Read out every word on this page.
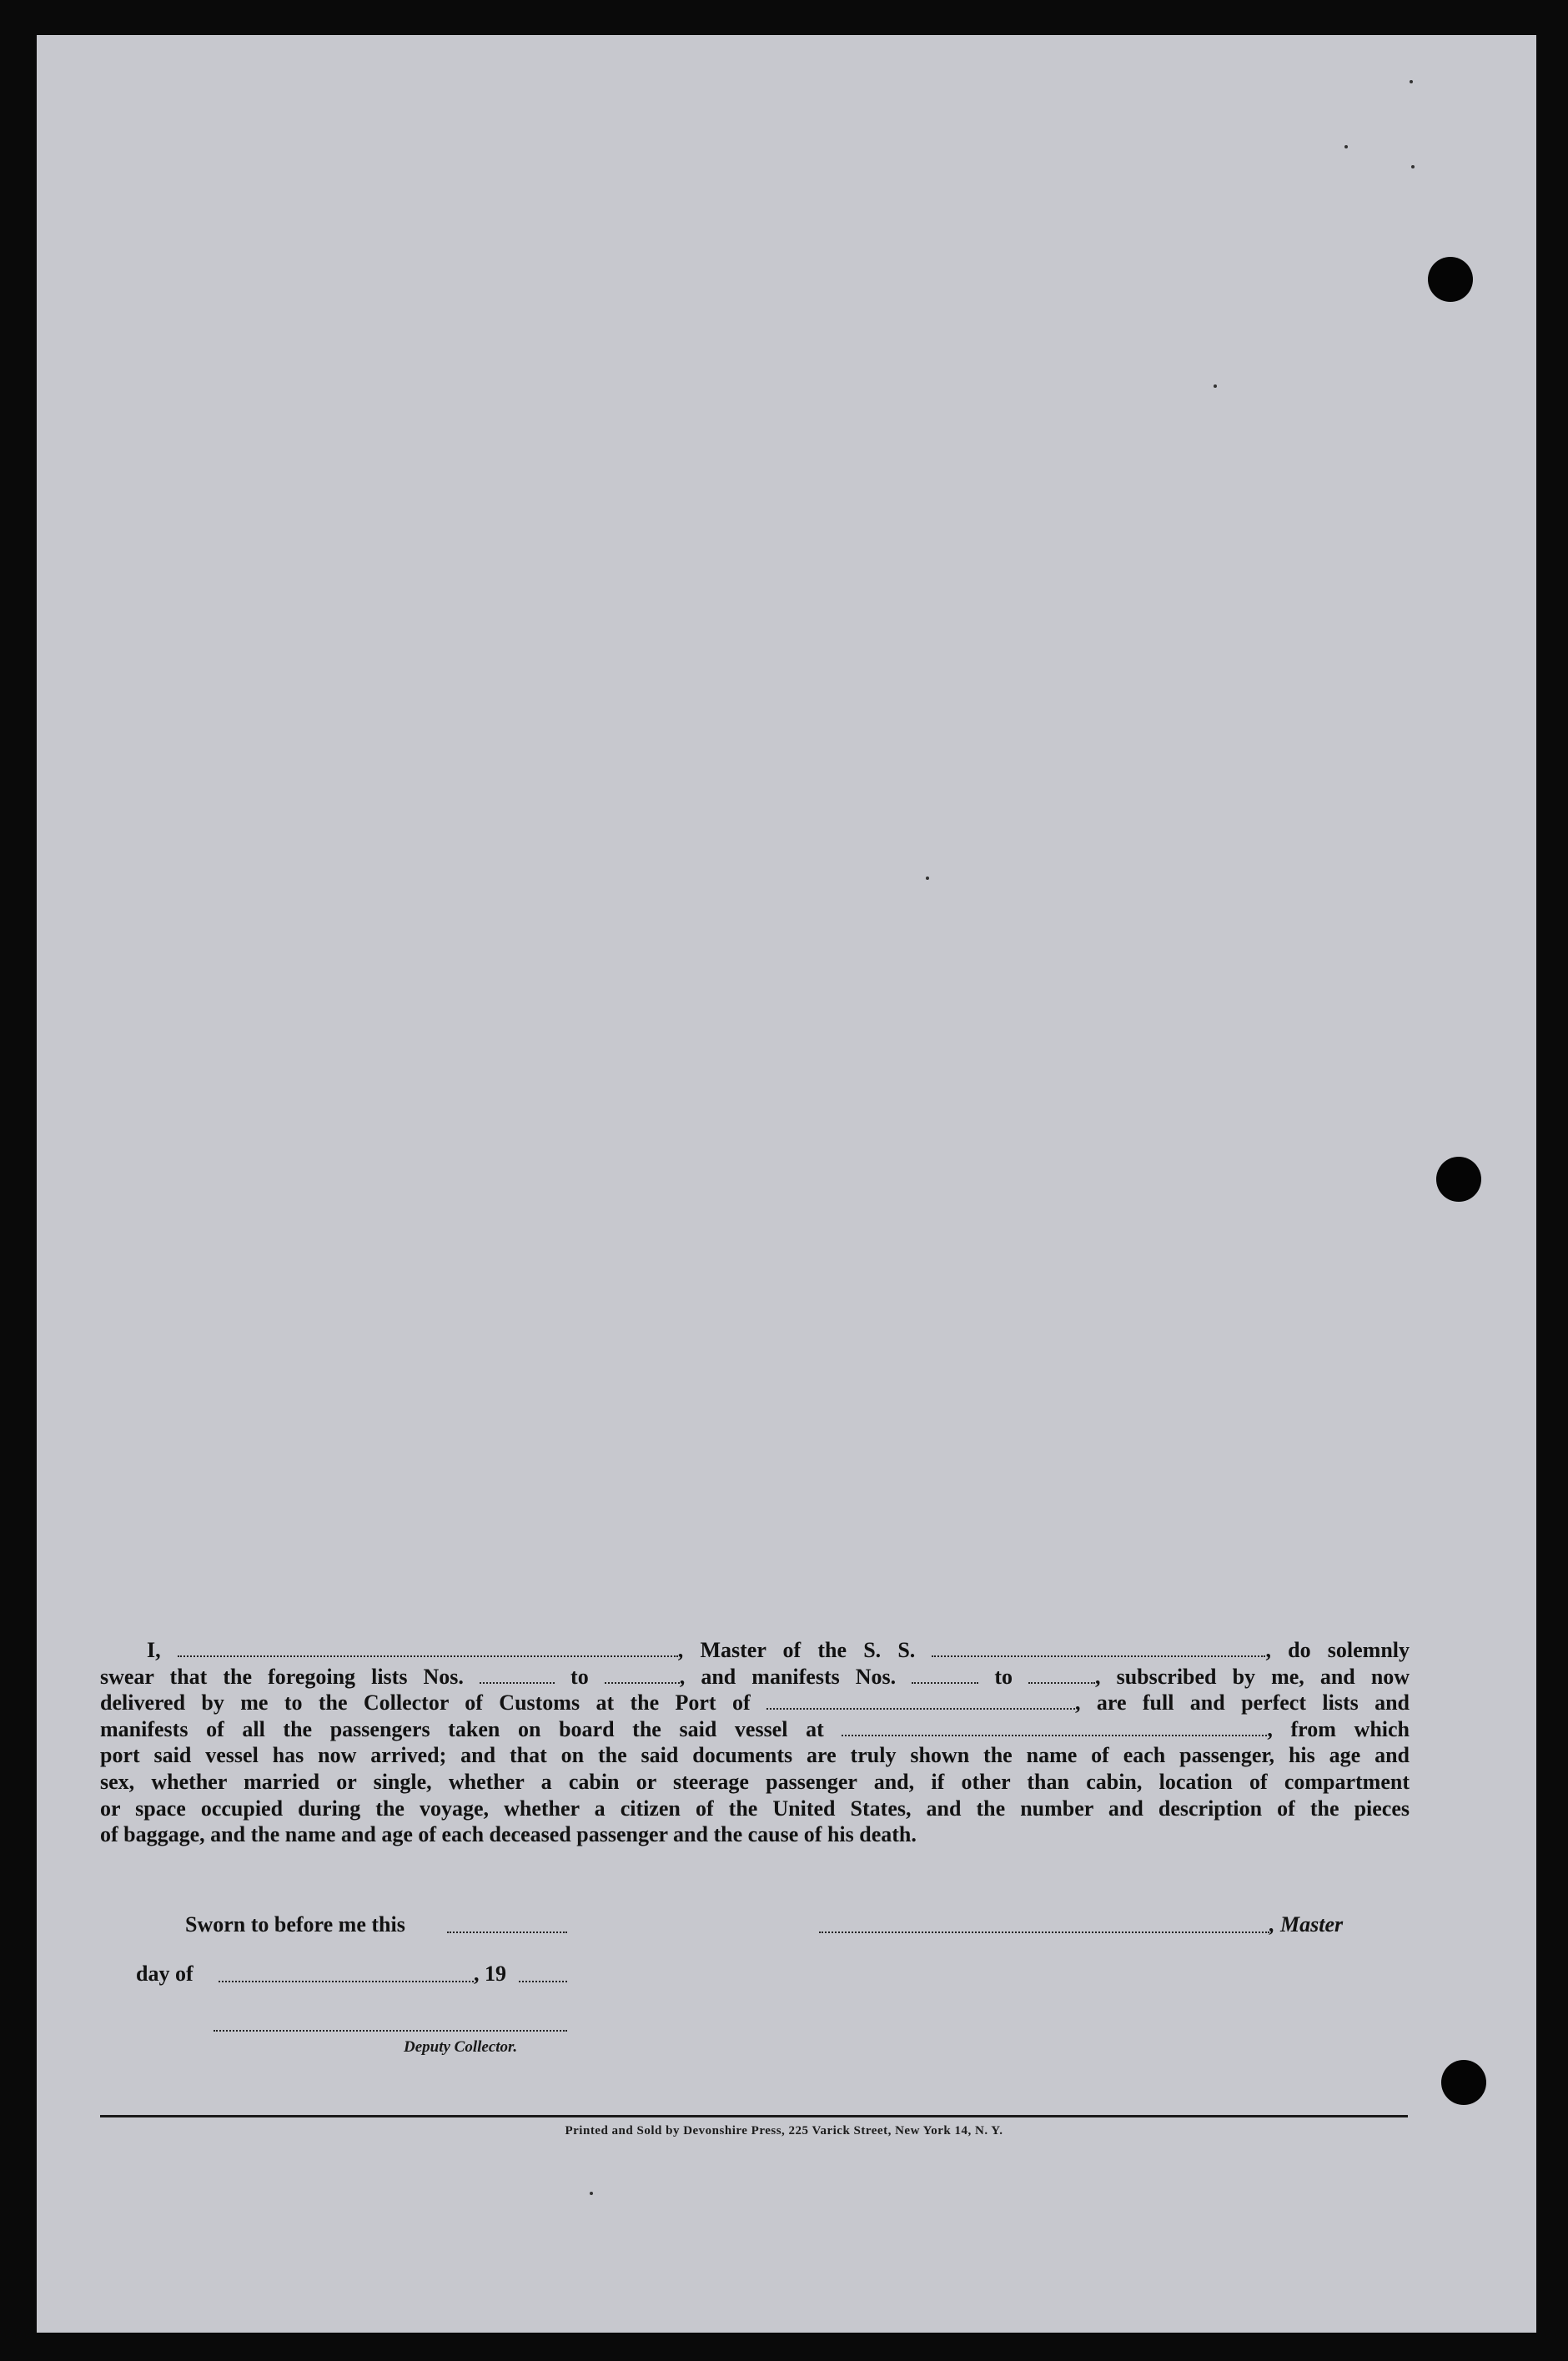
I,	, Master of the S. S.	, do solemnly
swear that the foregoing lists Nos.	to	, and manifests Nos.	to	, subscribed by me, and now
delivered by me to the Collector of Customs at the Port of	, are full and perfect lists and
manifests of all the passengers taken on board the said vessel at	, from which
port said vessel has now arrived; and that on the said documents are truly shown the name of each passenger, his age and
sex, whether married or single, whether a cabin or steerage passenger and, if other than cabin, location of compartment
or space occupied during the voyage, whether a citizen of the United States, and the number and description of the pieces
of baggage, and the name and age of each deceased passenger and the cause of his death.
Sworn to before me this	, Master
day of	, 19
Deputy Collector.
Printed and Sold by Devonshire Press, 225 Varick Street, New York 14, N. Y.
